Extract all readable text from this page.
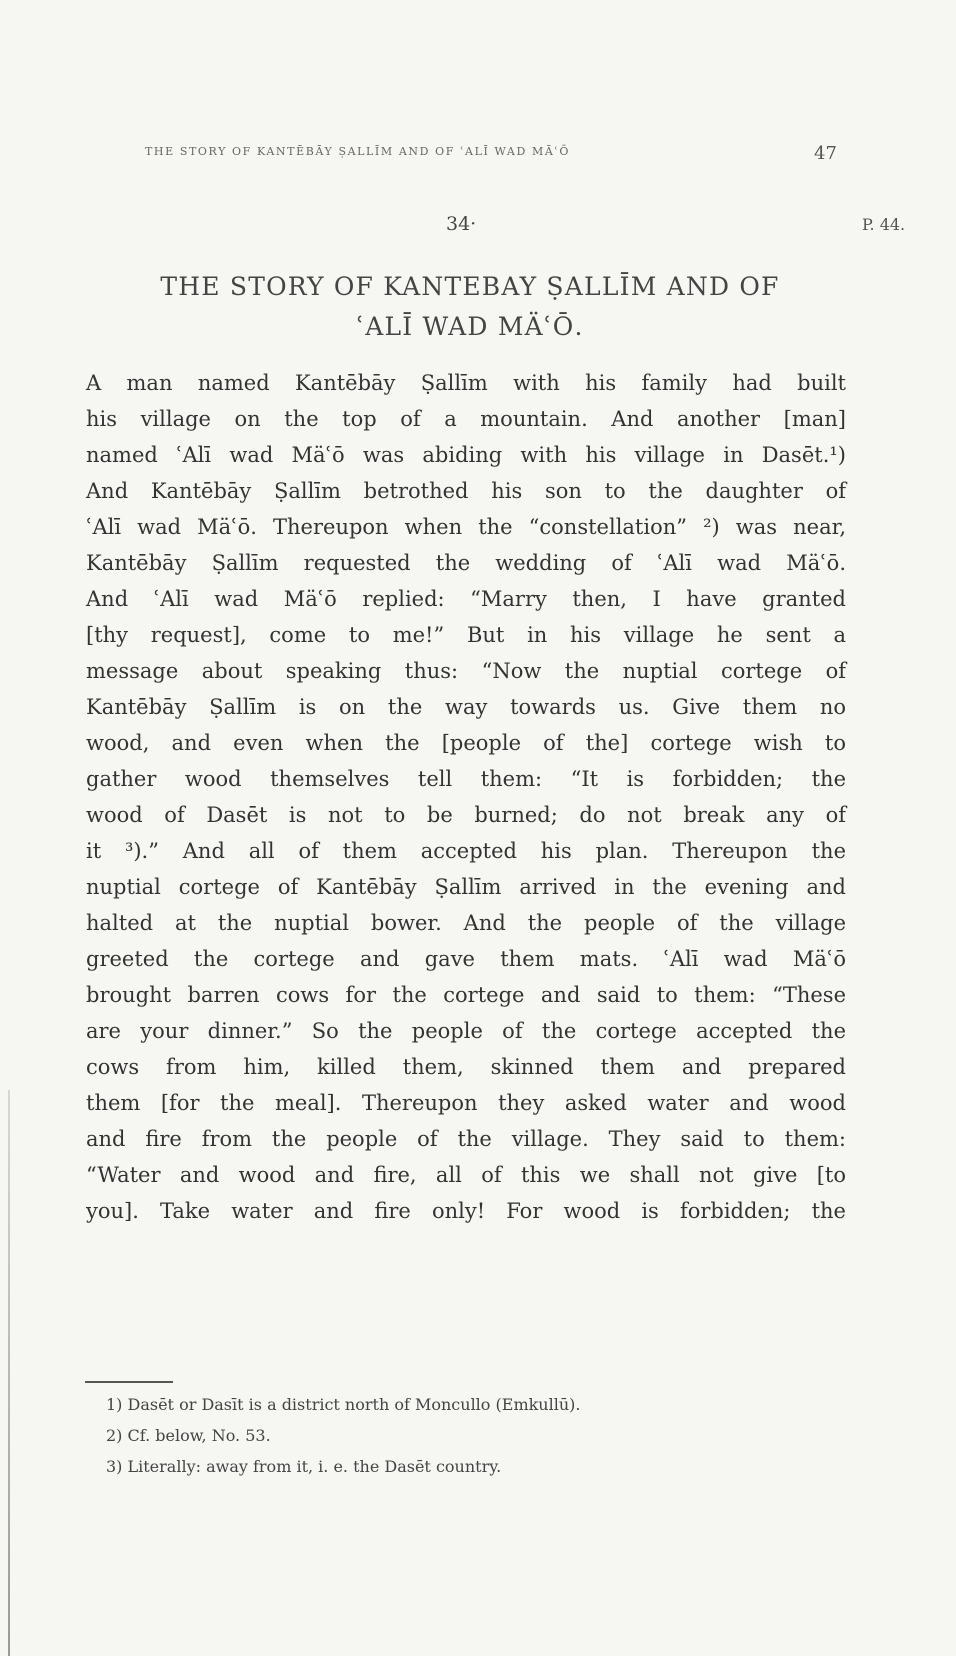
THE STORY OF KANTĒBĀY ṢALLĪM AND OF ʿALĪ WAD MĀʿŌ	47
34·	P. 44.
THE STORY OF KANTEBAY ṢALLĪM AND OF
ʿALĪ WAD MÄʿŌ.

A man named Kantēbāy Ṣallīm with his family had built
his village on the top of a mountain. And another [man]
named ʿAlī wad Mäʿō was abiding with his village in Dasēt.¹)
And Kantēbāy Ṣallīm betrothed his son to the daughter of
ʿAlī wad Mäʿō. Thereupon when the “constellation” ²) was near,
Kantēbāy Ṣallīm requested the wedding of ʿAlī wad Mäʿō.
And ʿAlī wad Mäʿō replied: “Marry then, I have granted
[thy request], come to me!” But in his village he sent a
message about speaking thus: “Now the nuptial cortege of
Kantēbāy Ṣallīm is on the way towards us. Give them no
wood, and even when the [people of the] cortege wish to
gather wood themselves tell them: “It is forbidden; the
wood of Dasēt is not to be burned; do not break any of
it ³).” And all of them accepted his plan. Thereupon the
nuptial cortege of Kantēbāy Ṣallīm arrived in the evening and
halted at the nuptial bower. And the people of the village
greeted the cortege and gave them mats. ʿAlī wad Mäʿō
brought barren cows for the cortege and said to them: “These
are your dinner.” So the people of the cortege accepted the
cows from him, killed them, skinned them and prepared
them [for the meal]. Thereupon they asked water and wood
and fire from the people of the village. They said to them:
“Water and wood and fire, all of this we shall not give [to
you]. Take water and fire only! For wood is forbidden; the

1) Dasēt or Dasīt is a district north of Moncullo (Emkullū).
2) Cf. below, No. 53.
3) Literally: away from it, i. e. the Dasēt country.
